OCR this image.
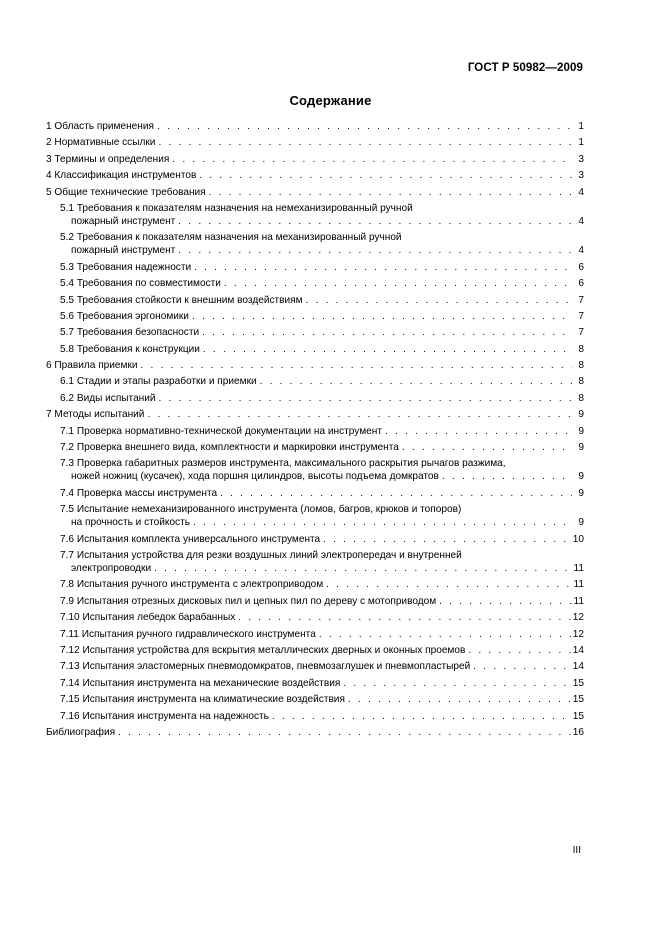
ГОСТ Р 50982—2009
Содержание
1 Область применения . . .	1
2 Нормативные ссылки . . .	1
3 Термины и определения . . .	3
4 Классификация инструментов . . .	3
5 Общие технические требования . . .	4
5.1 Требования к показателям назначения на немеханизированный ручной
пожарный инструмент . . .	4
5.2 Требования к показателям назначения на механизированный ручной
пожарный инструмент . . .	4
5.3 Требования надежности . . .	6
5.4 Требования по совместимости . . .	6
5.5 Требования стойкости к внешним воздействиям . . .	7
5.6 Требования эргономики . . .	7
5.7 Требования безопасности . . .	7
5.8 Требования к конструкции . . .	8
6 Правила приемки . . .	8
6.1 Стадии и этапы разработки и приемки . . .	8
6.2 Виды испытаний . . .	8
7 Методы испытаний . . .	9
7.1 Проверка нормативно-технической документации на инструмент . . .	9
7.2 Проверка внешнего вида, комплектности и маркировки инструмента . . .	9
7.3 Проверка габаритных размеров инструмента, максимального раскрытия рычагов разжима,
ножей ножниц (кусачек), хода поршня цилиндров, высоты подъема домкратов . . .	9
7.4 Проверка массы инструмента . . .	9
7.5 Испытание немеханизированного инструмента (ломов, багров, крюков и топоров)
на прочность и стойкость . . .	9
7.6 Испытания комплекта универсального инструмента . . .	10
7.7 Испытания устройства для резки воздушных линий электропередач и внутренней
электропроводки . . .	11
7.8 Испытания ручного инструмента с электроприводом . . .	11
7.9 Испытания отрезных дисковых пил и цепных пил по дереву с мотоприводом . . .	11
7.10 Испытания лебедок барабанных . . .	12
7.11 Испытания ручного гидравлического инструмента . . .	12
7.12 Испытания устройства для вскрытия металлических дверных и оконных проемов . . .	14
7.13 Испытания эластомерных пневмодомкратов, пневмозаглушек и пневмопластырей . . .	14
7.14 Испытания инструмента на механические воздействия . . .	15
7.15 Испытания инструмента на климатические воздействия . . .	15
7.16 Испытания инструмента на надежность . . .	15
Библиография . . .	16
III
